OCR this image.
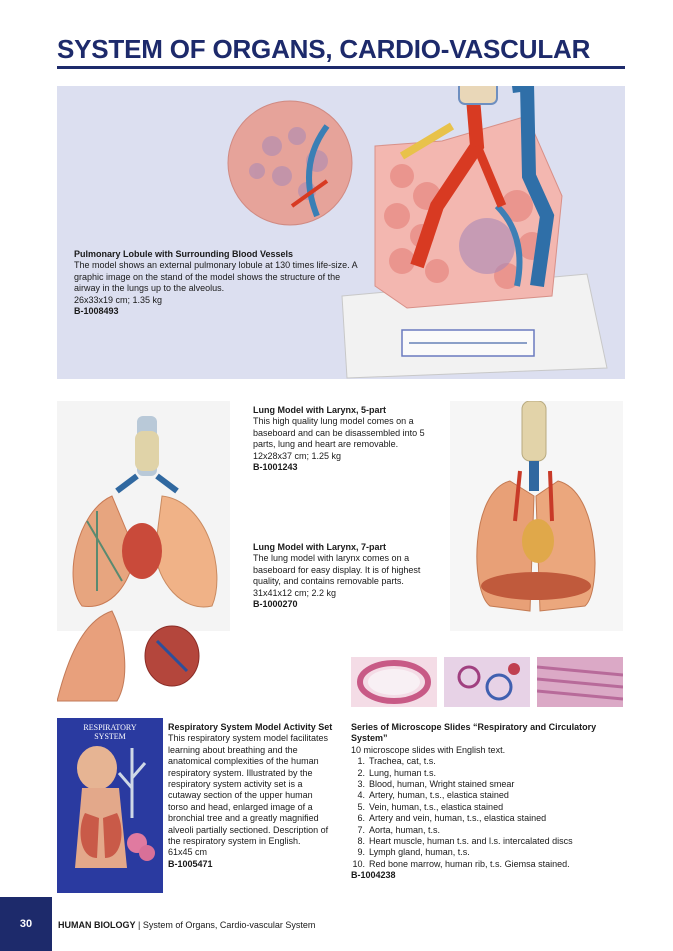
SYSTEM OF ORGANS, CARDIO-VASCULAR
Pulmonary Lobule with Surrounding Blood Vessels
The model shows an external pulmonary lobule at 130 times life-size. A graphic image on the stand of the model shows the structure of the airway in the lungs up to the alveolus.
26x33x19 cm; 1.35 kg
B-1008493
Lung Model with Larynx, 5-part
This high quality lung model comes on a baseboard and can be disassembled into 5 parts, lung and heart are removable.
12x28x37 cm; 1.25 kg
B-1001243
Lung Model with Larynx, 7-part
The lung model with larynx comes on a baseboard for easy display. It is of highest quality, and contains removable parts.
31x41x12 cm; 2.2 kg
B-1000270
RESPIRATORY
SYSTEM
Respiratory System Model Activity Set
This respiratory system model facilitates learning about breathing and the anatomical complexities of the human respiratory system. Illustrated by the respiratory system activity set is a cutaway section of the upper human torso and head, enlarged image of a bronchial tree and a greatly magnified alveoli partially sectioned. Description of the respiratory system in English.
61x45 cm
B-1005471
Series of Microscope Slides “Respiratory and Circulatory System”
10 microscope slides with English text.
1. Trachea, cat, t.s.
2. Lung, human t.s.
3. Blood, human, Wright stained smear
4. Artery, human, t.s., elastica stained
5. Vein, human, t.s., elastica stained
6. Artery and vein, human, t.s., elastica stained
7. Aorta, human, t.s.
8. Heart muscle, human t.s. and l.s. intercalated discs
9. Lymph gland, human, t.s.
10. Red bone marrow, human rib, t.s. Giemsa stained.
B-1004238
30	HUMAN BIOLOGY | System of Organs, Cardio-vascular System
